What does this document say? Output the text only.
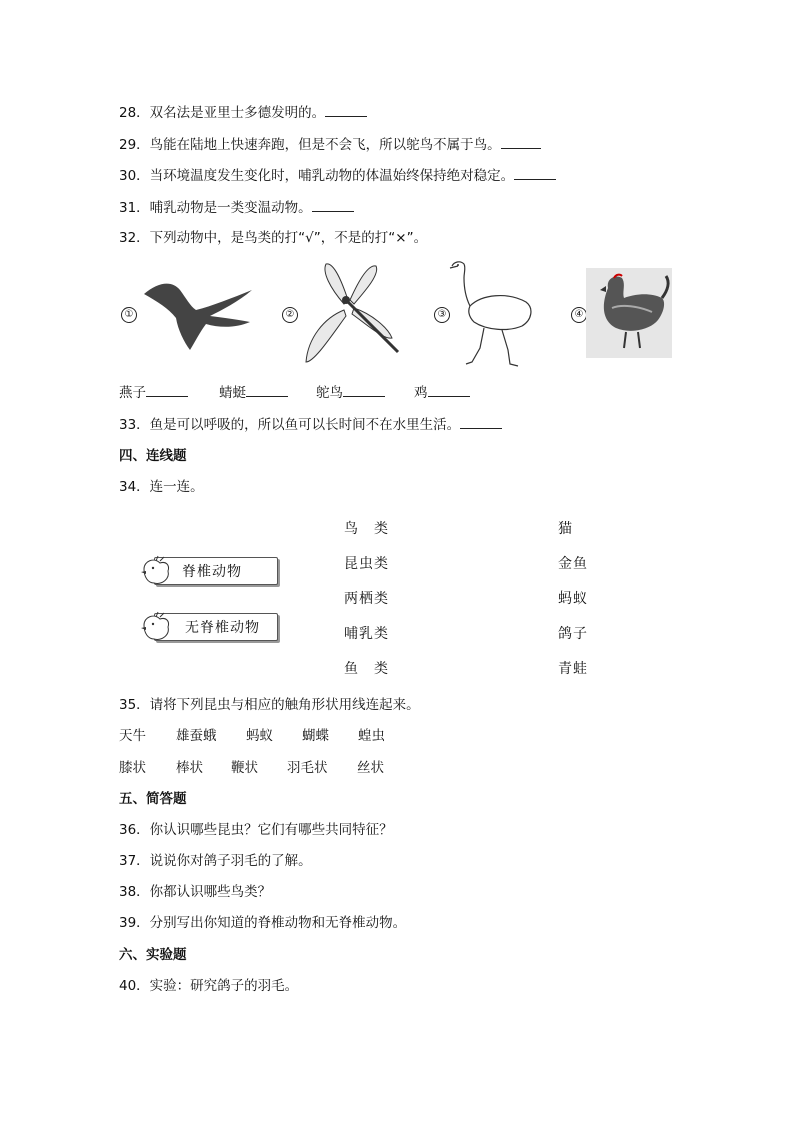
28．双名法是亚里士多德发明的。
29．鸟能在陆地上快速奔跑，但是不会飞，所以鸵鸟不属于鸟。
30．当环境温度发生变化时，哺乳动物的体温始终保持绝对稳定。
31．哺乳动物是一类变温动物。
32．下列动物中，是鸟类的打“√”，不是的打“×”。
①	②	③	④
燕子	蜻蜓	鸵鸟	鸡
33．鱼是可以呼吸的，所以鱼可以长时间不在水里生活。
四、连线题
34．连一连。
脊椎动物
无脊椎动物
鸟　类
昆虫类
两栖类
哺乳类
鱼　类
猫
金鱼
蚂蚁
鸽子
青蛙
35．请将下列昆虫与相应的触角形状用线连起来。
天牛 雄蚕蛾 蚂蚁 蝴蝶 蝗虫
膝状 棒状 鞭状 羽毛状 丝状
五、简答题
36．你认识哪些昆虫？它们有哪些共同特征？
37．说说你对鸽子羽毛的了解。
38．你都认识哪些鸟类？
39．分别写出你知道的脊椎动物和无脊椎动物。
六、实验题
40．实验：研究鸽子的羽毛。
